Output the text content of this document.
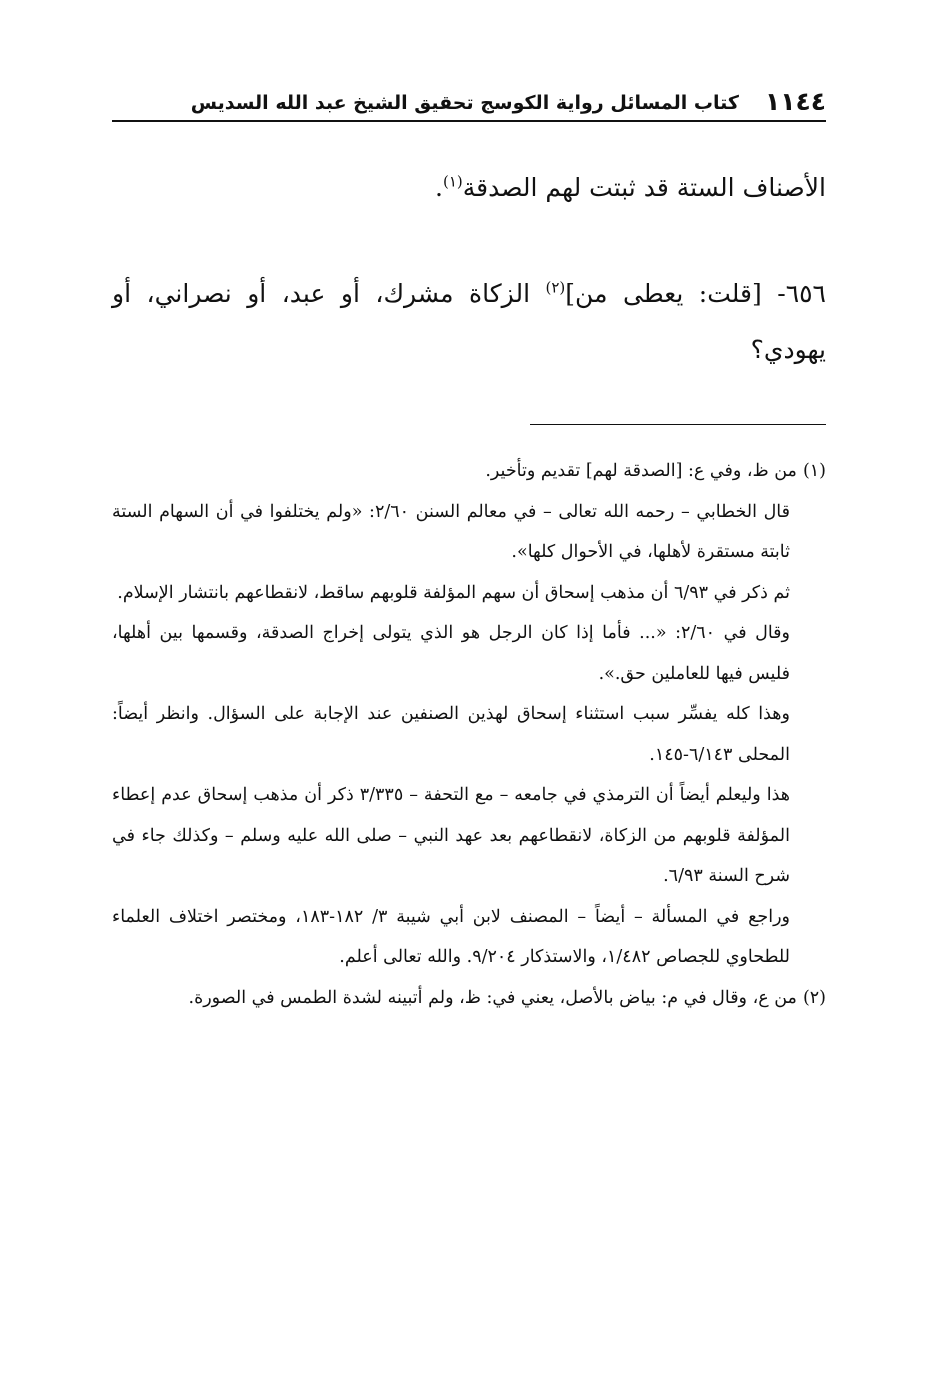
١١٤٤
كتاب المسائل رواية الكوسج تحقيق الشيخ عبد الله السديس
الأصناف الستة قد ثبتت لهم الصدقة$^{(١)}$.
٦٥٦- [قلت: يعطى من]$^{(٢)}$ الزكاة مشرك، أو عبد، أو نصراني، أو يهودي؟

(١)من ظ، وفي ع: [الصدقة لهم] تقديم وتأخير.

قال الخطابي – رحمه الله تعالى – في معالم السنن ٢/٦٠: «ولم يختلفوا في أن السهام الستة ثابتة مستقرة لأهلها، في الأحوال كلها».

ثم ذكر في ٦/٩٣ أن مذهب إسحاق أن سهم المؤلفة قلوبهم ساقط، لانقطاعهم بانتشار الإسلام.

وقال في ٢/٦٠: «... فأما إذا كان الرجل هو الذي يتولى إخراج الصدقة، وقسمها بين أهلها، فليس فيها للعاملين حق.».

وهذا كله يفسِّر سبب استثناء إسحاق لهذين الصنفين عند الإجابة على السؤال. وانظر أيضاً: المحلى ٦/١٤٣-١٤٥.

هذا وليعلم أيضاً أن الترمذي في جامعه – مع التحفة – ٣/٣٣٥ ذكر أن مذهب إسحاق عدم إعطاء المؤلفة قلوبهم من الزكاة، لانقطاعهم بعد عهد النبي – صلى الله عليه وسلم – وكذلك جاء في شرح السنة ٦/٩٣.

وراجع في المسألة – أيضاً – المصنف لابن أبي شيبة ٣/ ١٨٢-١٨٣، ومختصر اختلاف العلماء للطحاوي للجصاص ١/٤٨٢، والاستذكار ٩/٢٠٤. والله تعالى أعلم.

(٢)من ع، وقال في م: بياض بالأصل، يعني في: ظ، ولم أتبينه لشدة الطمس في الصورة.
